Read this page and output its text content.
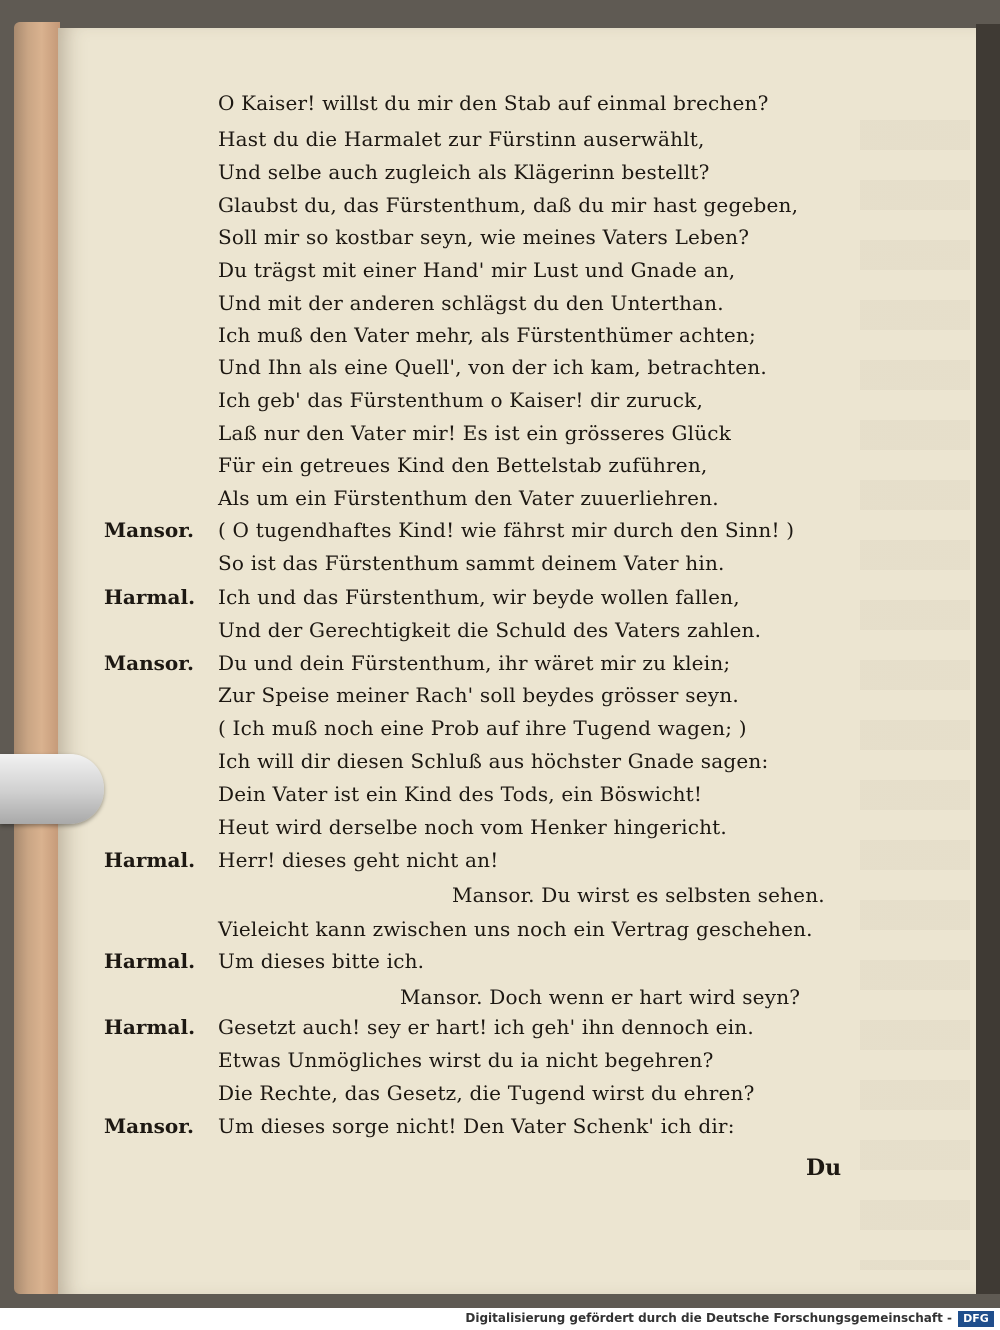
O Kaiser! willst du mir den Stab auf einmal brechen?
Hast du die Harmalet zur Fürstinn auserwählt,
Und selbe auch zugleich als Klägerinn bestellt?
Glaubst du, das Fürstenthum, daß du mir hast gegeben,
Soll mir so kostbar seyn, wie meines Vaters Leben?
Du trägst mit einer Hand' mir Lust und Gnade an,
Und mit der anderen schlägst du den Unterthan.
Ich muß den Vater mehr, als Fürstenthümer achten;
Und Ihn als eine Quell', von der ich kam, betrachten.
Ich geb' das Fürstenthum o Kaiser! dir zuruck,
Laß nur den Vater mir! Es ist ein grösseres Glück
Für ein getreues Kind den Bettelstab zuführen,
Als um ein Fürstenthum den Vater zuuerliehren.
Mansor. ( O tugendhaftes Kind! wie fährst mir durch den Sinn! )
So ist das Fürstenthum sammt deinem Vater hin.
Harmal. Ich und das Fürstenthum, wir beyde wollen fallen,
Und der Gerechtigkeit die Schuld des Vaters zahlen.
Mansor. Du und dein Fürstenthum, ihr wäret mir zu klein;
Zur Speise meiner Rach' soll beydes grösser seyn.
( Ich muß noch eine Prob auf ihre Tugend wagen; )
Ich will dir diesen Schluß aus höchster Gnade sagen:
Dein Vater ist ein Kind des Tods, ein Böswicht!
Heut wird derselbe noch vom Henker hingericht.
Harmal. Herr! dieses geht nicht an!
Mansor. Du wirst es selbsten sehen.
Vieleicht kann zwischen uns noch ein Vertrag geschehen.
Harmal. Um dieses bitte ich.
Mansor. Doch wenn er hart wird seyn?
Harmal. Gesetzt auch! sey er hart! ich geh' ihn dennoch ein.
Etwas Unmögliches wirst du ia nicht begehren?
Die Rechte, das Gesetz, die Tugend wirst du ehren?
Mansor. Um dieses sorge nicht! Den Vater Schenk' ich dir:
Du
Digitalisierung gefördert durch die Deutsche Forschungsgemeinschaft -	DFG
